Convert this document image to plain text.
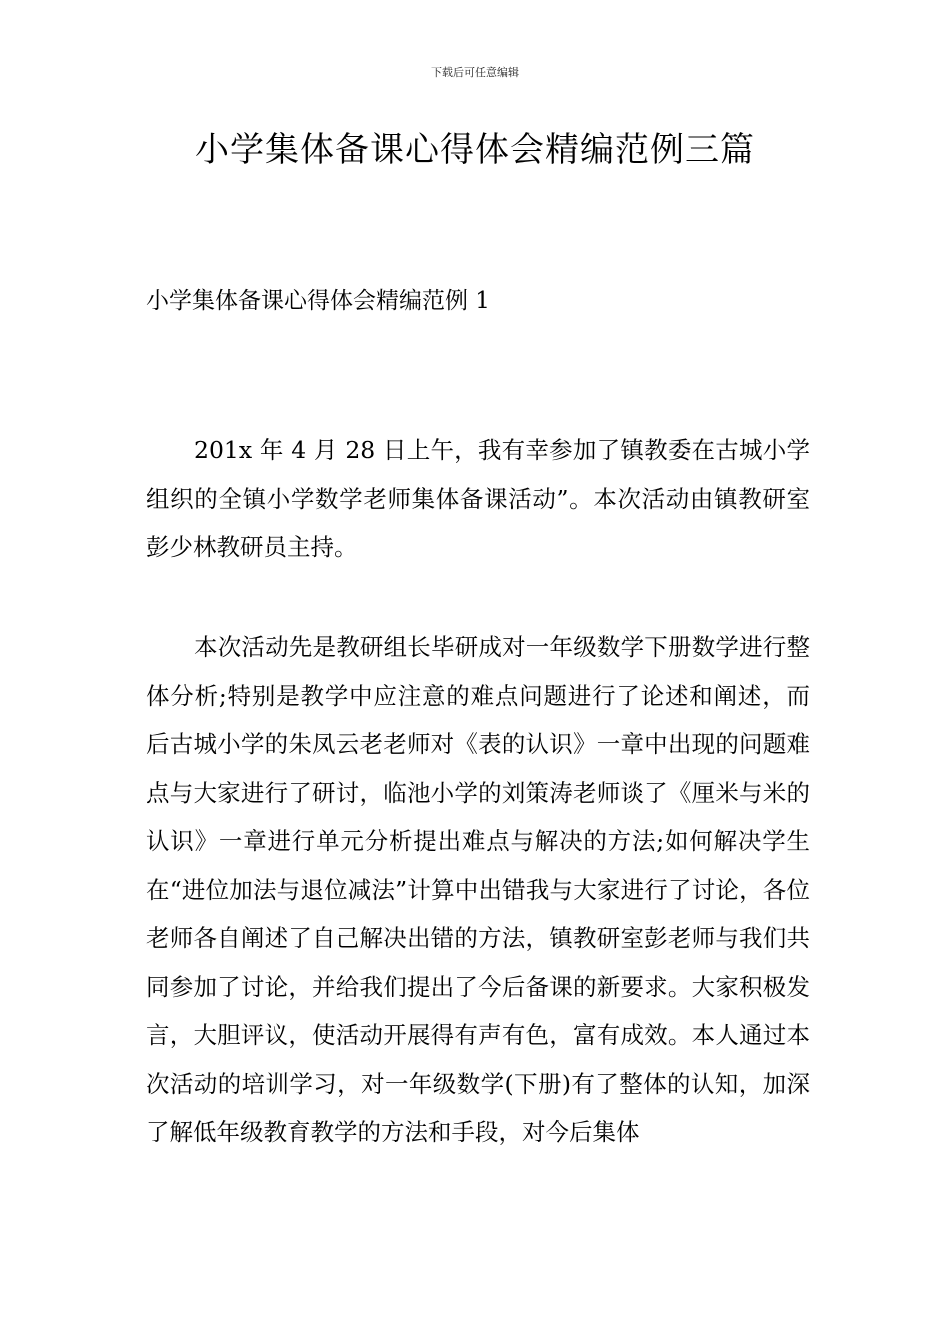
下载后可任意编辑
小学集体备课心得体会精编范例三篇
小学集体备课心得体会精编范例 1

201x 年 4 月 28 日上午，我有幸参加了镇教委在古城小学组织的全镇小学数学老师集体备课活动”。本次活动由镇教研室彭少林教研员主持。

本次活动先是教研组长毕研成对一年级数学下册数学进行整体分析;特别是教学中应注意的难点问题进行了论述和阐述，而后古城小学的朱凤云老老师对《表的认识》一章中出现的问题难点与大家进行了研讨，临池小学的刘策涛老师谈了《厘米与米的认识》一章进行单元分析提出难点与解决的方法;如何解决学生在“进位加法与退位减法”计算中出错我与大家进行了讨论，各位老师各自阐述了自己解决出错的方法，镇教研室彭老师与我们共同参加了讨论，并给我们提出了今后备课的新要求。大家积极发言，大胆评议，使活动开展得有声有色，富有成效。本人通过本次活动的培训学习，对一年级数学(下册)有了整体的认知，加深了解低年级教育教学的方法和手段，对今后集体
